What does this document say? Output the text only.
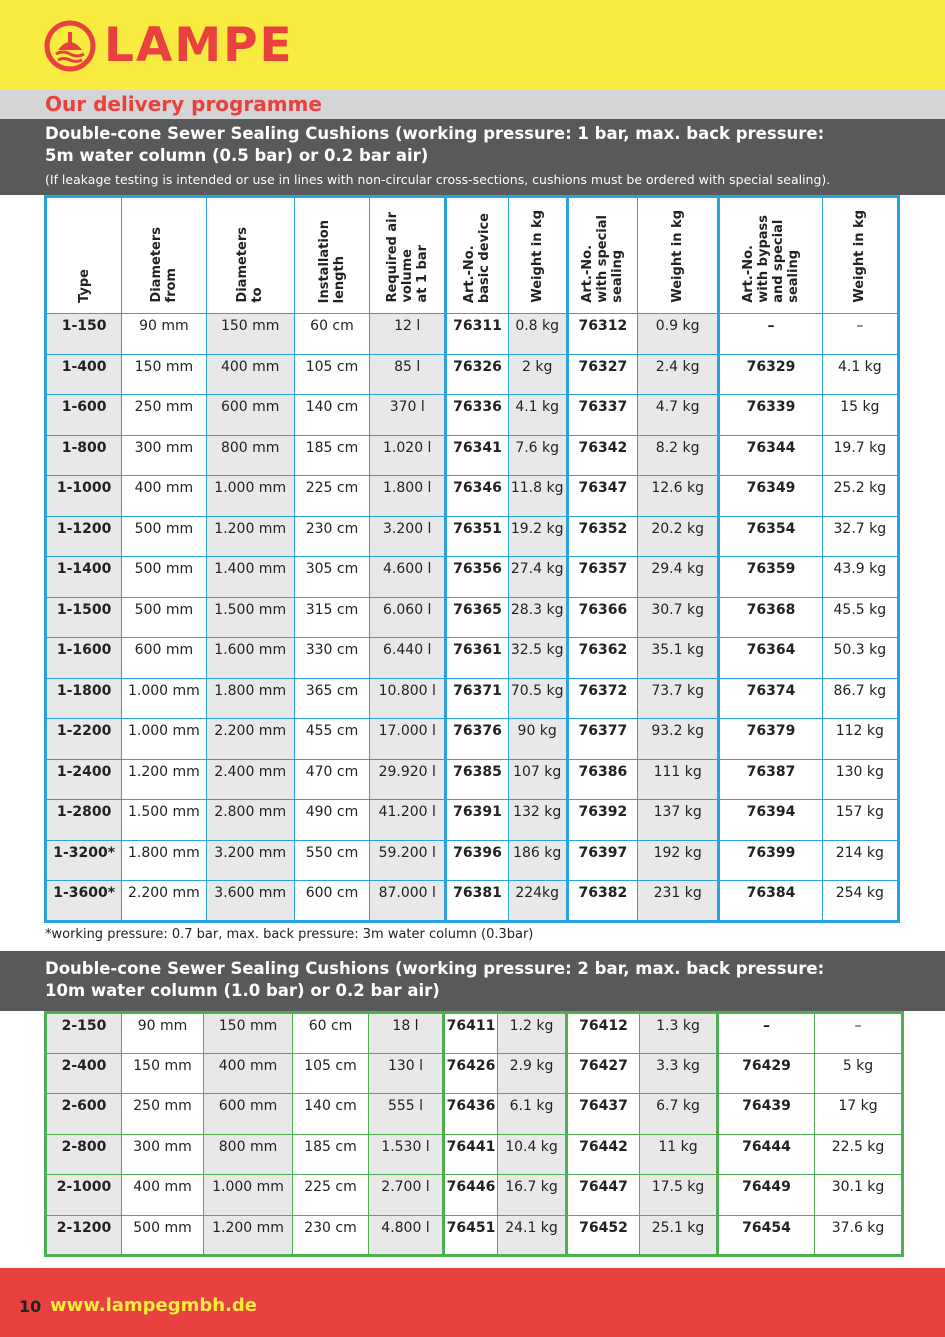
LAMPE
Our delivery programme
Double-cone Sewer Sealing Cushions (working pressure: 1 bar, max. back pressure:
5m water column (0.5 bar) or 0.2 bar air)
(If leakage testing is intended or use in lines with non-circular cross-sections, cushions must be ordered with special sealing).
Type	Diameters from	Diameters to	Installation length	Required air volume at 1 bar	Art.-No. basic device	Weight in kg	Art.-No. with special sealing	Weight in kg	Art.-No. with bypass and special sealing	Weight in kg

1-150	90 mm	150 mm	60 cm	12 l	76311	0.8 kg	76312	0.9 kg	–	–
1-400	150 mm	400 mm	105 cm	85 l	76326	2 kg	76327	2.4 kg	76329	4.1 kg
1-600	250 mm	600 mm	140 cm	370 l	76336	4.1 kg	76337	4.7 kg	76339	15 kg
1-800	300 mm	800 mm	185 cm	1.020 l	76341	7.6 kg	76342	8.2 kg	76344	19.7 kg
1-1000	400 mm	1.000 mm	225 cm	1.800 l	76346	11.8 kg	76347	12.6 kg	76349	25.2 kg
1-1200	500 mm	1.200 mm	230 cm	3.200 l	76351	19.2 kg	76352	20.2 kg	76354	32.7 kg
1-1400	500 mm	1.400 mm	305 cm	4.600 l	76356	27.4 kg	76357	29.4 kg	76359	43.9 kg
1-1500	500 mm	1.500 mm	315 cm	6.060 l	76365	28.3 kg	76366	30.7 kg	76368	45.5 kg
1-1600	600 mm	1.600 mm	330 cm	6.440 l	76361	32.5 kg	76362	35.1 kg	76364	50.3 kg
1-1800	1.000 mm	1.800 mm	365 cm	10.800 l	76371	70.5 kg	76372	73.7 kg	76374	86.7 kg
1-2200	1.000 mm	2.200 mm	455 cm	17.000 l	76376	90 kg	76377	93.2 kg	76379	112 kg
1-2400	1.200 mm	2.400 mm	470 cm	29.920 l	76385	107 kg	76386	111 kg	76387	130 kg
1-2800	1.500 mm	2.800 mm	490 cm	41.200 l	76391	132 kg	76392	137 kg	76394	157 kg
1-3200*	1.800 mm	3.200 mm	550 cm	59.200 l	76396	186 kg	76397	192 kg	76399	214 kg
1-3600*	2.200 mm	3.600 mm	600 cm	87.000 l	76381	224kg	76382	231 kg	76384	254 kg
*working pressure: 0.7 bar, max. back pressure: 3m water column (0.3bar)
Double-cone Sewer Sealing Cushions (working pressure: 2 bar, max. back pressure:
10m water column (1.0 bar) or 0.2 bar air)
2-150	90 mm	150 mm	60 cm	18 l	76411	1.2 kg	76412	1.3 kg	–	–
2-400	150 mm	400 mm	105 cm	130 l	76426	2.9 kg	76427	3.3 kg	76429	5 kg
2-600	250 mm	600 mm	140 cm	555 l	76436	6.1 kg	76437	6.7 kg	76439	17 kg
2-800	300 mm	800 mm	185 cm	1.530 l	76441	10.4 kg	76442	11 kg	76444	22.5 kg
2-1000	400 mm	1.000 mm	225 cm	2.700 l	76446	16.7 kg	76447	17.5 kg	76449	30.1 kg
2-1200	500 mm	1.200 mm	230 cm	4.800 l	76451	24.1 kg	76452	25.1 kg	76454	37.6 kg
10 www.lampegmbh.de
